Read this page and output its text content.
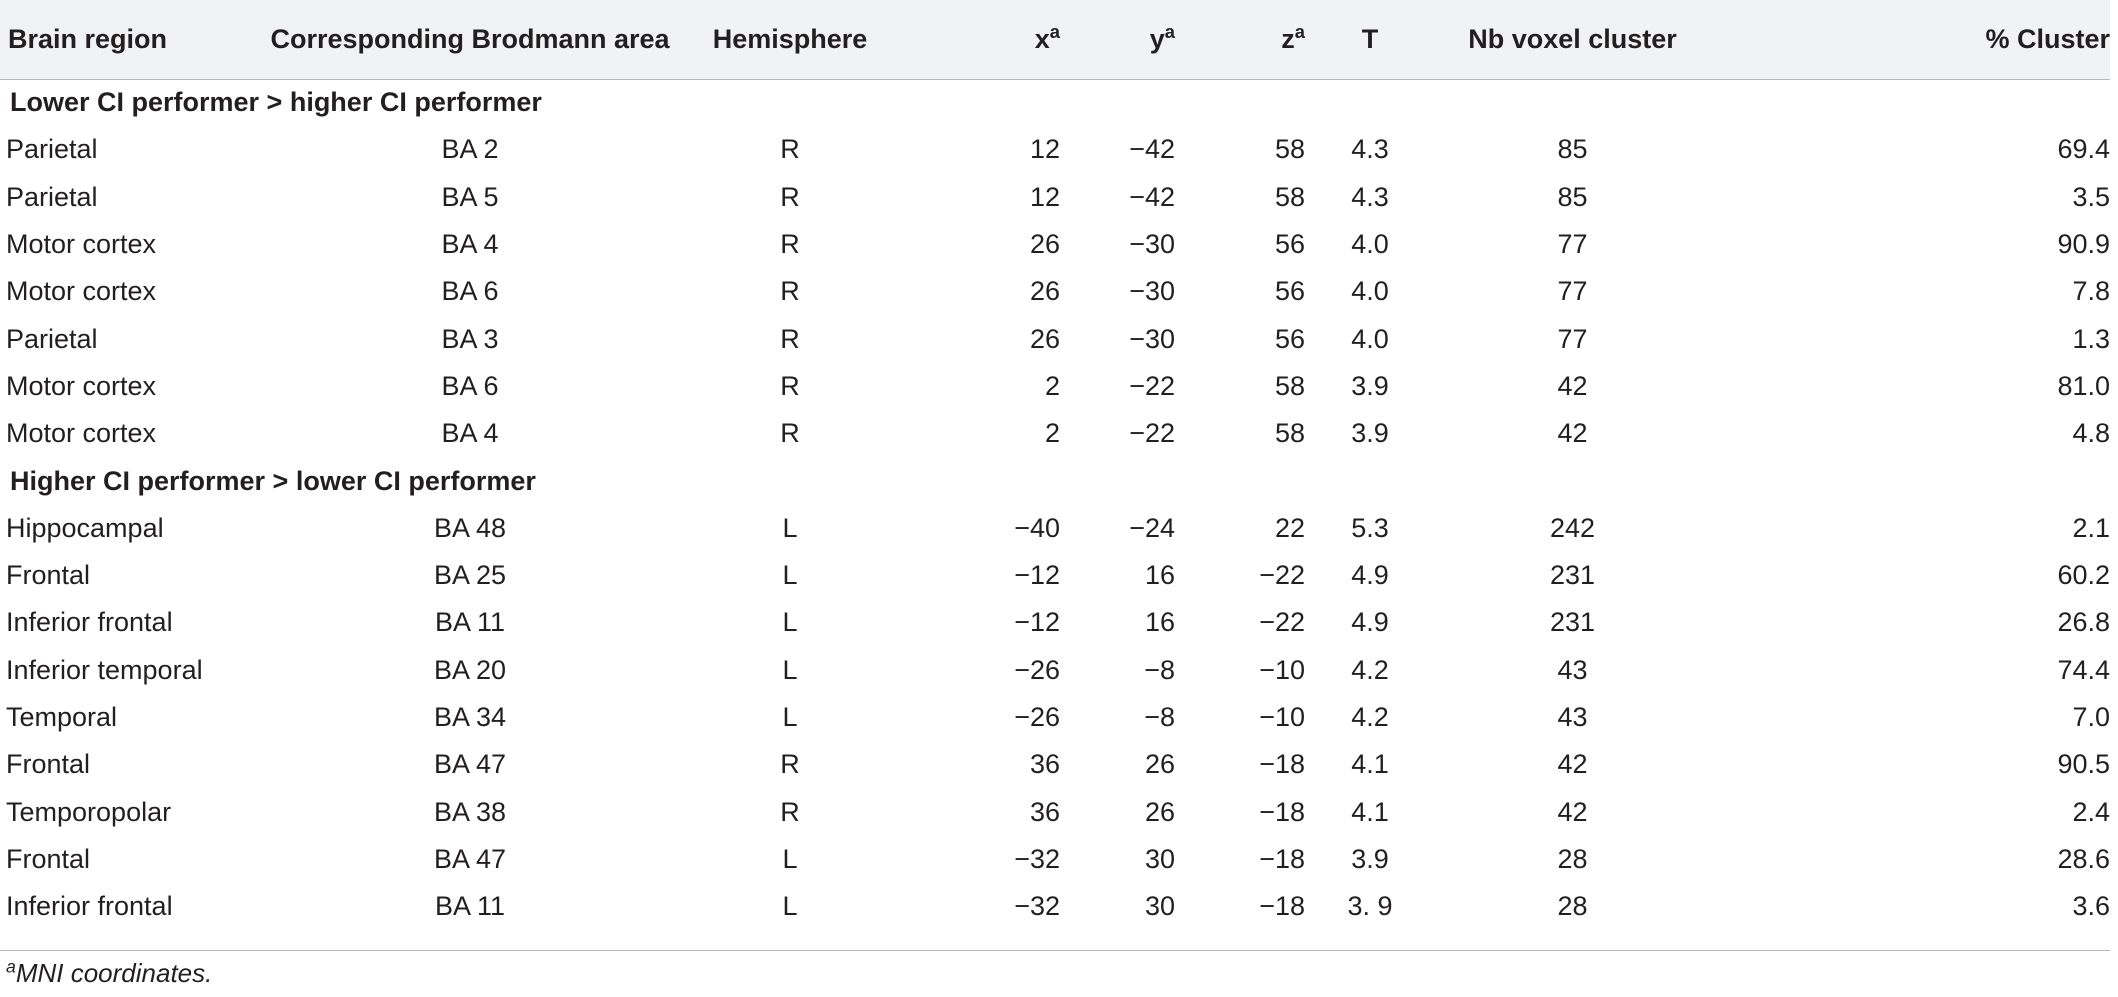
Brain region	Corresponding Brodmann area	Hemisphere	$x^a$	$y^a$	$z^a$	T	Nb voxel cluster	% Cluster
Lower CI performer > higher CI performer								
Parietal	BA 2	R	12	−42	58	4.3	85	69.4
Parietal	BA 5	R	12	−42	58	4.3	85	3.5
Motor cortex	BA 4	R	26	−30	56	4.0	77	90.9
Motor cortex	BA 6	R	26	−30	56	4.0	77	7.8
Parietal	BA 3	R	26	−30	56	4.0	77	1.3
Motor cortex	BA 6	R	2	−22	58	3.9	42	81.0
Motor cortex	BA 4	R	2	−22	58	3.9	42	4.8
Higher CI performer > lower CI performer								
Hippocampal	BA 48	L	−40	−24	22	5.3	242	2.1
Frontal	BA 25	L	−12	16	−22	4.9	231	60.2
Inferior frontal	BA 11	L	−12	16	−22	4.9	231	26.8
Inferior temporal	BA 20	L	−26	−8	−10	4.2	43	74.4
Temporal	BA 34	L	−26	−8	−10	4.2	43	7.0
Frontal	BA 47	R	36	26	−18	4.1	42	90.5
Temporopolar	BA 38	R	36	26	−18	4.1	42	2.4
Frontal	BA 47	L	−32	30	−18	3.9	28	28.6
Inferior frontal	BA 11	L	−32	30	−18	3. 9	28	3.6
$^a$MNI coordinates.
